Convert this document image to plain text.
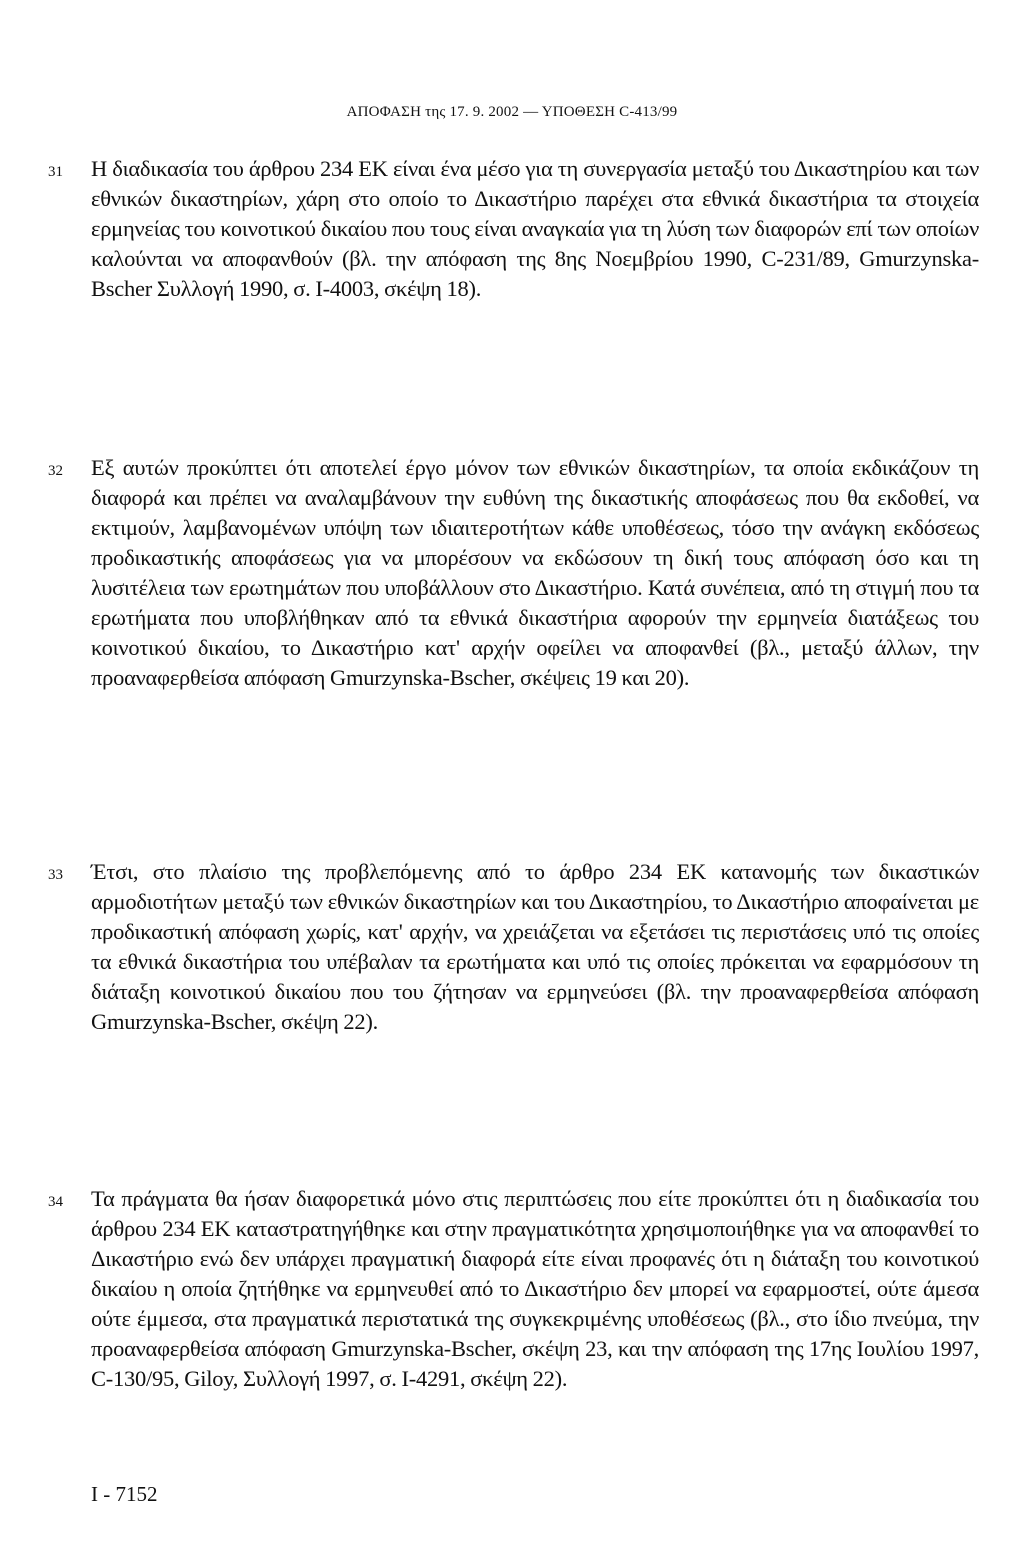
ΑΠΟΦΑΣΗ της 17. 9. 2002 — ΥΠΟΘΕΣΗ C-413/99
31 Η διαδικασία του άρθρου 234 ΕΚ είναι ένα μέσο για τη συνεργασία μεταξύ του Δικαστηρίου και των εθνικών δικαστηρίων, χάρη στο οποίο το Δικαστήριο παρέχει στα εθνικά δικαστήρια τα στοιχεία ερμηνείας του κοινοτικού δικαίου που τους είναι αναγκαία για τη λύση των διαφορών επί των οποίων καλούνται να αποφανθούν (βλ. την απόφαση της 8ης Νοεμβρίου 1990, C-231/89, Gmurzynska-Bscher Συλλογή 1990, σ. I-4003, σκέψη 18).
32 Εξ αυτών προκύπτει ότι αποτελεί έργο μόνον των εθνικών δικαστηρίων, τα οποία εκδικάζουν τη διαφορά και πρέπει να αναλαμβάνουν την ευθύνη της δικαστικής αποφάσεως που θα εκδοθεί, να εκτιμούν, λαμβανομένων υπόψη των ιδιαιτεροτήτων κάθε υποθέσεως, τόσο την ανάγκη εκδόσεως προδικαστικής αποφάσεως για να μπορέσουν να εκδώσουν τη δική τους απόφαση όσο και τη λυσιτέλεια των ερωτημάτων που υποβάλλουν στο Δικαστήριο. Κατά συνέπεια, από τη στιγμή που τα ερωτήματα που υποβλήθηκαν από τα εθνικά δικαστήρια αφορούν την ερμηνεία διατάξεως του κοινοτικού δικαίου, το Δικαστήριο κατ' αρχήν οφείλει να αποφανθεί (βλ., μεταξύ άλλων, την προαναφερθείσα απόφαση Gmurzynska-Bscher, σκέψεις 19 και 20).
33 Έτσι, στο πλαίσιο της προβλεπόμενης από το άρθρο 234 ΕΚ κατανομής των δικαστικών αρμοδιοτήτων μεταξύ των εθνικών δικαστηρίων και του Δικαστηρίου, το Δικαστήριο αποφαίνεται με προδικαστική απόφαση χωρίς, κατ' αρχήν, να χρειάζεται να εξετάσει τις περιστάσεις υπό τις οποίες τα εθνικά δικαστήρια του υπέβαλαν τα ερωτήματα και υπό τις οποίες πρόκειται να εφαρμόσουν τη διάταξη κοινοτικού δικαίου που του ζήτησαν να ερμηνεύσει (βλ. την προαναφερθείσα απόφαση Gmurzynska-Bscher, σκέψη 22).
34 Τα πράγματα θα ήσαν διαφορετικά μόνο στις περιπτώσεις που είτε προκύπτει ότι η διαδικασία του άρθρου 234 ΕΚ καταστρατηγήθηκε και στην πραγματικότητα χρησιμοποιήθηκε για να αποφανθεί το Δικαστήριο ενώ δεν υπάρχει πραγματική διαφορά είτε είναι προφανές ότι η διάταξη του κοινοτικού δικαίου η οποία ζητήθηκε να ερμηνευθεί από το Δικαστήριο δεν μπορεί να εφαρμοστεί, ούτε άμεσα ούτε έμμεσα, στα πραγματικά περιστατικά της συγκεκριμένης υποθέσεως (βλ., στο ίδιο πνεύμα, την προαναφερθείσα απόφαση Gmurzynska-Bscher, σκέψη 23, και την απόφαση της 17ης Ιουλίου 1997, C-130/95, Giloy, Συλλογή 1997, σ. I-4291, σκέψη 22).
I - 7152
